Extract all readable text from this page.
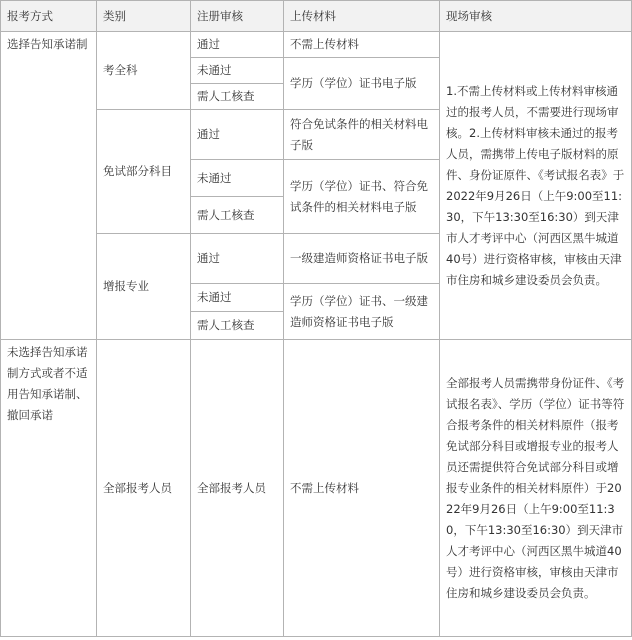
报考方式	类别	注册审核	上传材料	现场审核
选择告知承诺制	考全科	通过	不需上传材料	1.不需上传材料或上传材料审核通过的报考人员，不需要进行现场审核。2.上传材料审核未通过的报考人员，需携带上传电子版材料的原件、身份证原件、《考试报名表》于2022年9月26日（上午9:00至11:30，下午13:30至16:30）到天津市人才考评中心（河西区黑牛城道40号）进行资格审核，审核由天津市住房和城乡建设委员会负责。
		未通过	学历（学位）证书电子版	
		需人工核查		
	免试部分科目	通过	符合免试条件的相关材料电子版	
		未通过	学历（学位）证书、符合免试条件的相关材料电子版	
		需人工核查		
	增报专业	通过	一级建造师资格证书电子版	
		未通过	学历（学位）证书、一级建造师资格证书电子版	
		需人工核查		
未选择告知承诺制方式或者不适用告知承诺制、撤回承诺	全部报考人员	全部报考人员	不需上传材料	全部报考人员需携带身份证件、《考试报名表》、学历（学位）证书等符合报考条件的相关材料原件（报考免试部分科目或增报专业的报考人员还需提供符合免试部分科目或增报专业条件的相关材料原件）于2022年9月26日（上午9:00至11:30，下午13:30至16:30）到天津市人才考评中心（河西区黑牛城道40号）进行资格审核，审核由天津市住房和城乡建设委员会负责。
